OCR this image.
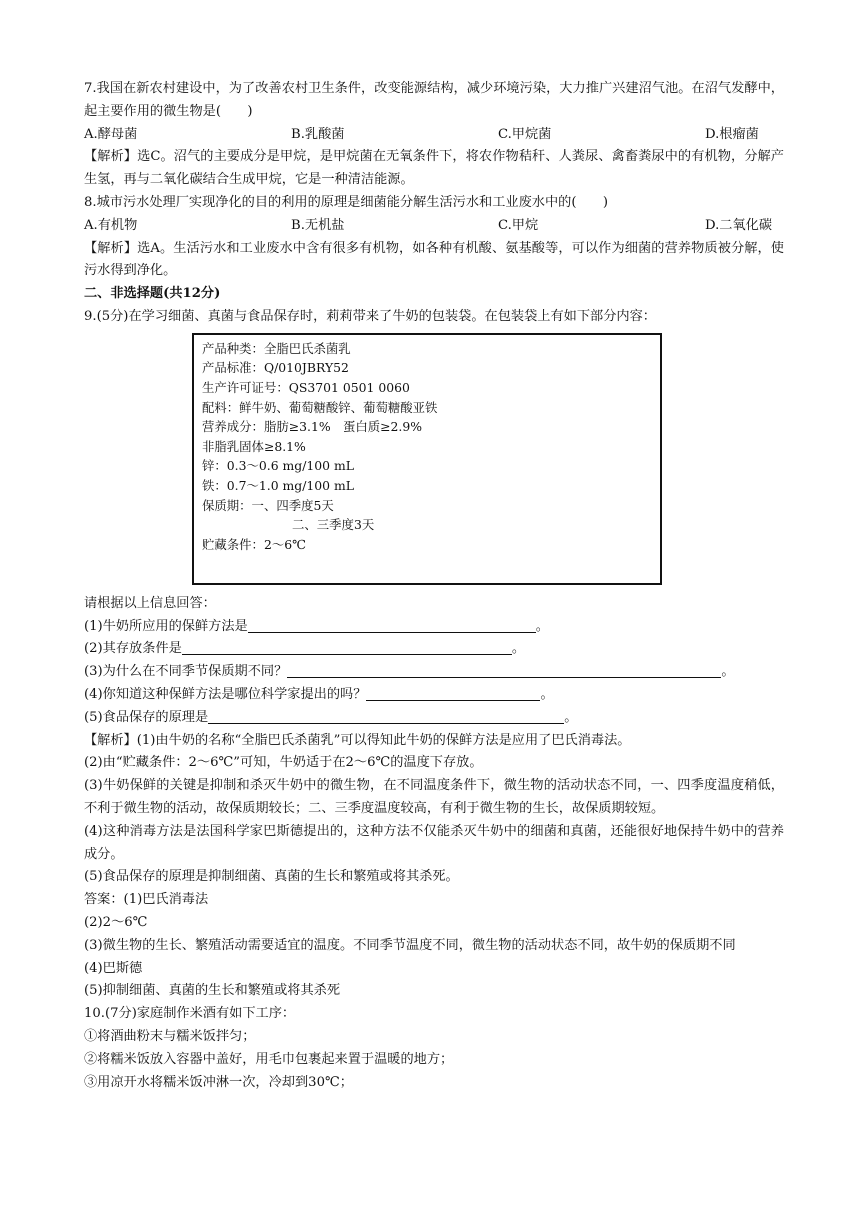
7.我国在新农村建设中，为了改善农村卫生条件，改变能源结构，减少环境污染，大力推广兴建沼气池。在沼气发酵中，起主要作用的微生物是(　　)
A.酵母菌	B.乳酸菌	C.甲烷菌	D.根瘤菌
【解析】选C。沼气的主要成分是甲烷，是甲烷菌在无氧条件下，将农作物秸秆、人粪尿、禽畜粪尿中的有机物，分解产生氢，再与二氧化碳结合生成甲烷，它是一种清洁能源。
8.城市污水处理厂实现净化的目的利用的原理是细菌能分解生活污水和工业废水中的(　　)
A.有机物	B.无机盐	C.甲烷	D.二氧化碳
【解析】选A。生活污水和工业废水中含有很多有机物，如各种有机酸、氨基酸等，可以作为细菌的营养物质被分解，使污水得到净化。
二、非选择题(共12分)
9.(5分)在学习细菌、真菌与食品保存时，莉莉带来了牛奶的包装袋。在包装袋上有如下部分内容：
产品种类：全脂巴氏杀菌乳
产品标准：Q/010JBRY52
生产许可证号：QS3701 0501 0060
配料：鲜牛奶、葡萄糖酸锌、葡萄糖酸亚铁
营养成分：脂肪≥3.1%　蛋白质≥2.9%
非脂乳固体≥8.1%
锌：0.3～0.6 mg/100 mL
铁：0.7～1.0 mg/100 mL
保质期：一、四季度5天
二、三季度3天
贮藏条件：2～6℃
请根据以上信息回答：
(1)牛奶所应用的保鲜方法是	。
(2)其存放条件是	。
(3)为什么在不同季节保质期不同？	。
(4)你知道这种保鲜方法是哪位科学家提出的吗？	。
(5)食品保存的原理是	。
【解析】(1)由牛奶的名称“全脂巴氏杀菌乳”可以得知此牛奶的保鲜方法是应用了巴氏消毒法。
(2)由“贮藏条件：2～6℃”可知，牛奶适于在2～6℃的温度下存放。
(3)牛奶保鲜的关键是抑制和杀灭牛奶中的微生物，在不同温度条件下，微生物的活动状态不同，一、四季度温度稍低，不利于微生物的活动，故保质期较长；二、三季度温度较高，有利于微生物的生长，故保质期较短。
(4)这种消毒方法是法国科学家巴斯德提出的，这种方法不仅能杀灭牛奶中的细菌和真菌，还能很好地保持牛奶中的营养成分。
(5)食品保存的原理是抑制细菌、真菌的生长和繁殖或将其杀死。
答案：(1)巴氏消毒法
(2)2～6℃
(3)微生物的生长、繁殖活动需要适宜的温度。不同季节温度不同，微生物的活动状态不同，故牛奶的保质期不同
(4)巴斯德
(5)抑制细菌、真菌的生长和繁殖或将其杀死
10.(7分)家庭制作米酒有如下工序：
①将酒曲粉末与糯米饭拌匀；
②将糯米饭放入容器中盖好，用毛巾包裹起来置于温暖的地方；
③用凉开水将糯米饭冲淋一次，冷却到30℃；
